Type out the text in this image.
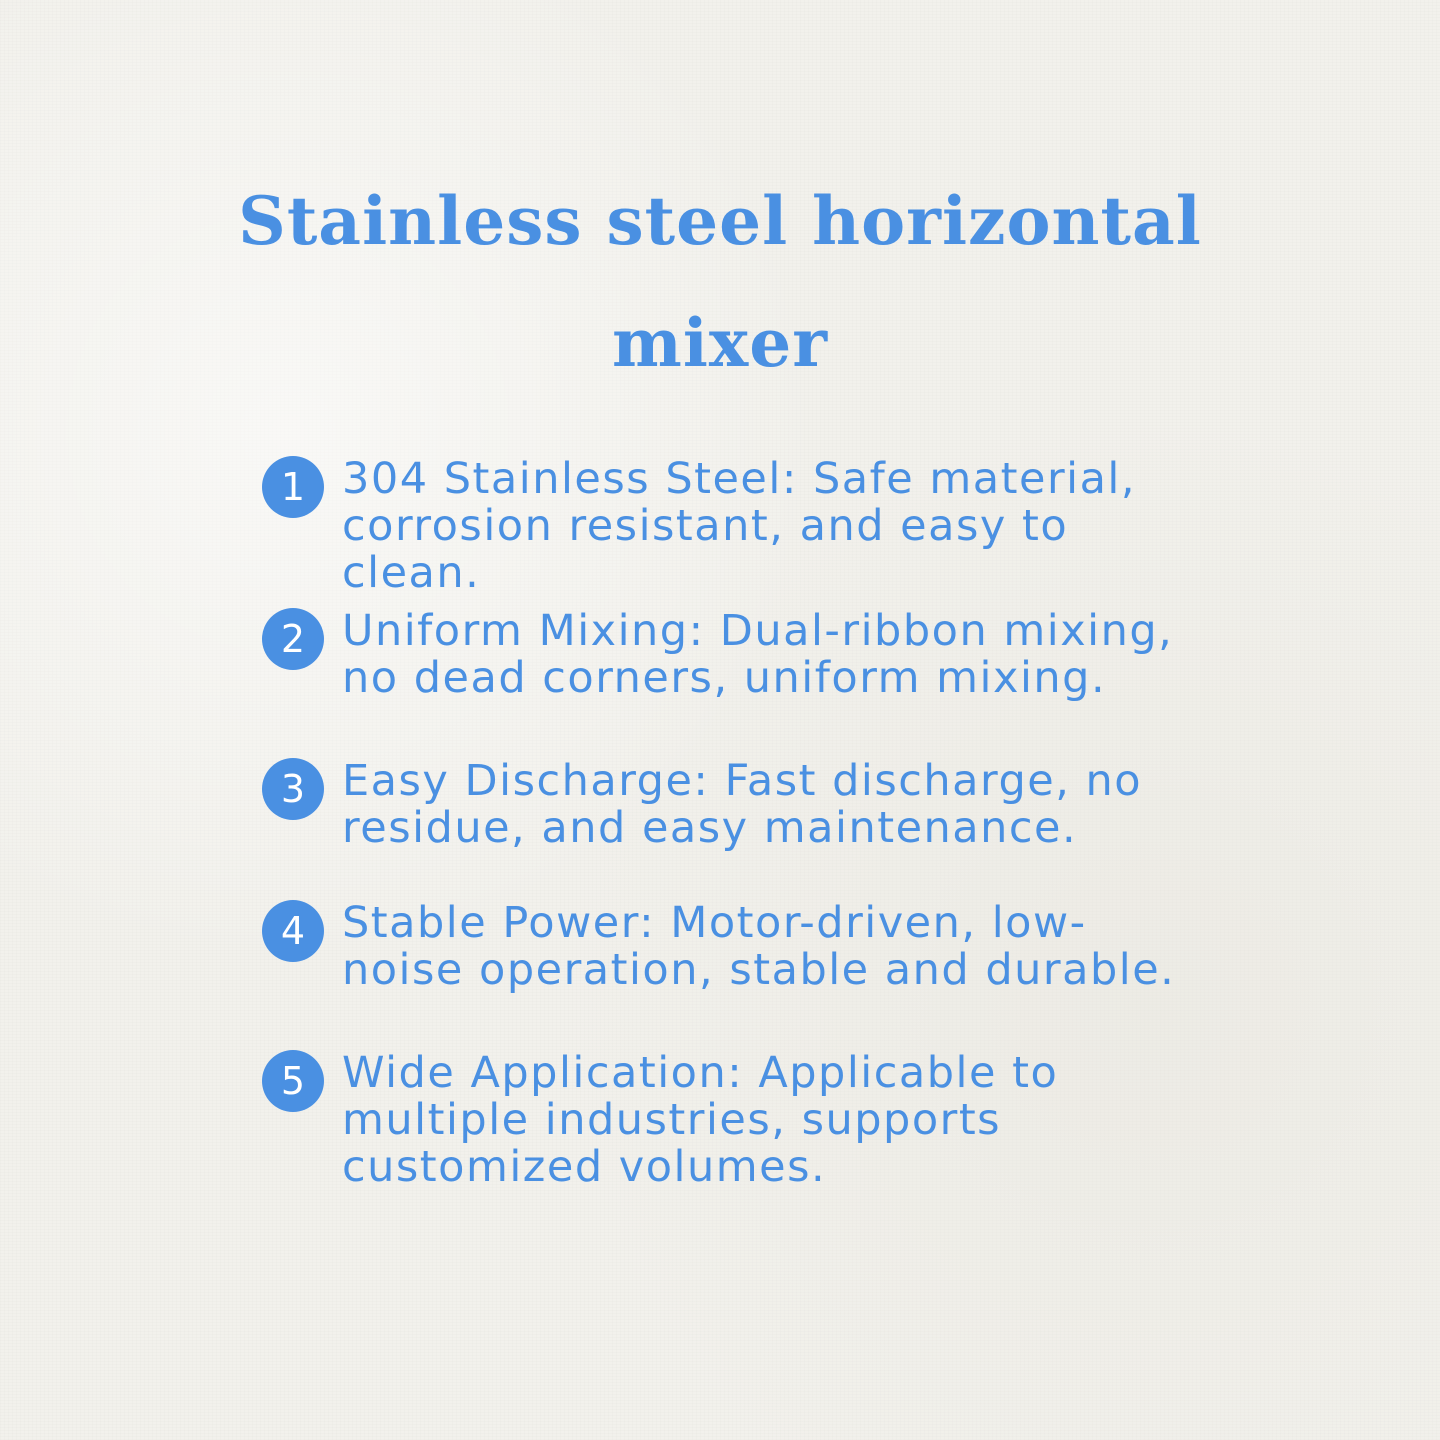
Stainless steel horizontal mixer
1 304 Stainless Steel: Safe material, corrosion resistant, and easy to clean.

2 Uniform Mixing: Dual-ribbon mixing, no dead corners, uniform mixing.

3 Easy Discharge: Fast discharge, no residue, and easy maintenance.

4 Stable Power: Motor-driven, low-noise operation, stable and durable.

5 Wide Application: Applicable to multiple industries, supports customized volumes.
